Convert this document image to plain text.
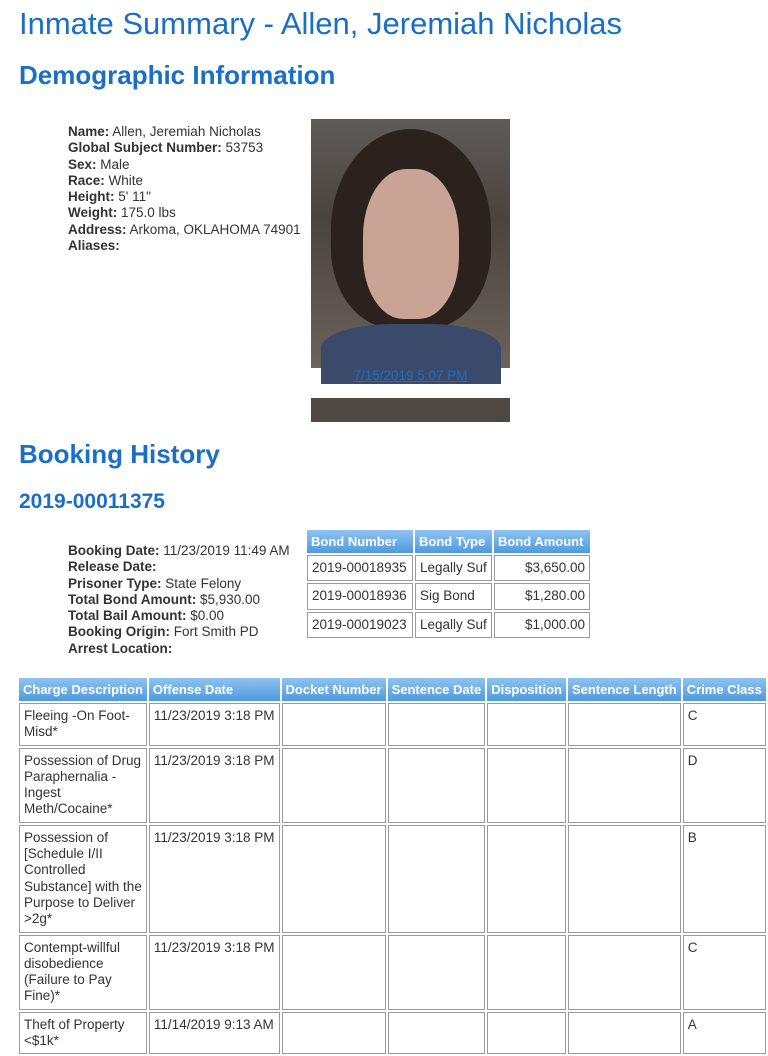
Inmate Summary - Allen, Jeremiah Nicholas
Demographic Information
Name: Allen, Jeremiah Nicholas
Global Subject Number: 53753
Sex: Male
Race: White
Height: 5' 11"
Weight: 175.0 lbs
Address: Arkoma, OKLAHOMA 74901
Aliases:
7/15/2019 5:07 PM
Booking History
2019-00011375
Booking Date: 11/23/2019 11:49 AM
Release Date:
Prisoner Type: State Felony
Total Bond Amount: $5,930.00
Total Bail Amount: $0.00
Booking Origin: Fort Smith PD
Arrest Location:
Bond Number	Bond Type	Bond Amount
2019-00018935	Legally Suf	$3,650.00
2019-00018936	Sig Bond	$1,280.00
2019-00019023	Legally Suf	$1,000.00
Charge Description	Offense Date	Docket Number	Sentence Date	Disposition	Sentence Length	Crime Class
Fleeing -On Foot-Misd*	11/23/2019 3:18 PM					C
Possession of Drug Paraphernalia - Ingest Meth/Cocaine*	11/23/2019 3:18 PM					D
Possession of [Schedule I/II Controlled Substance] with the Purpose to Deliver >2g*	11/23/2019 3:18 PM					B
Contempt-willful disobedience (Failure to Pay Fine)*	11/23/2019 3:18 PM					C
Theft of Property <$1k*	11/14/2019 9:13 AM					A
